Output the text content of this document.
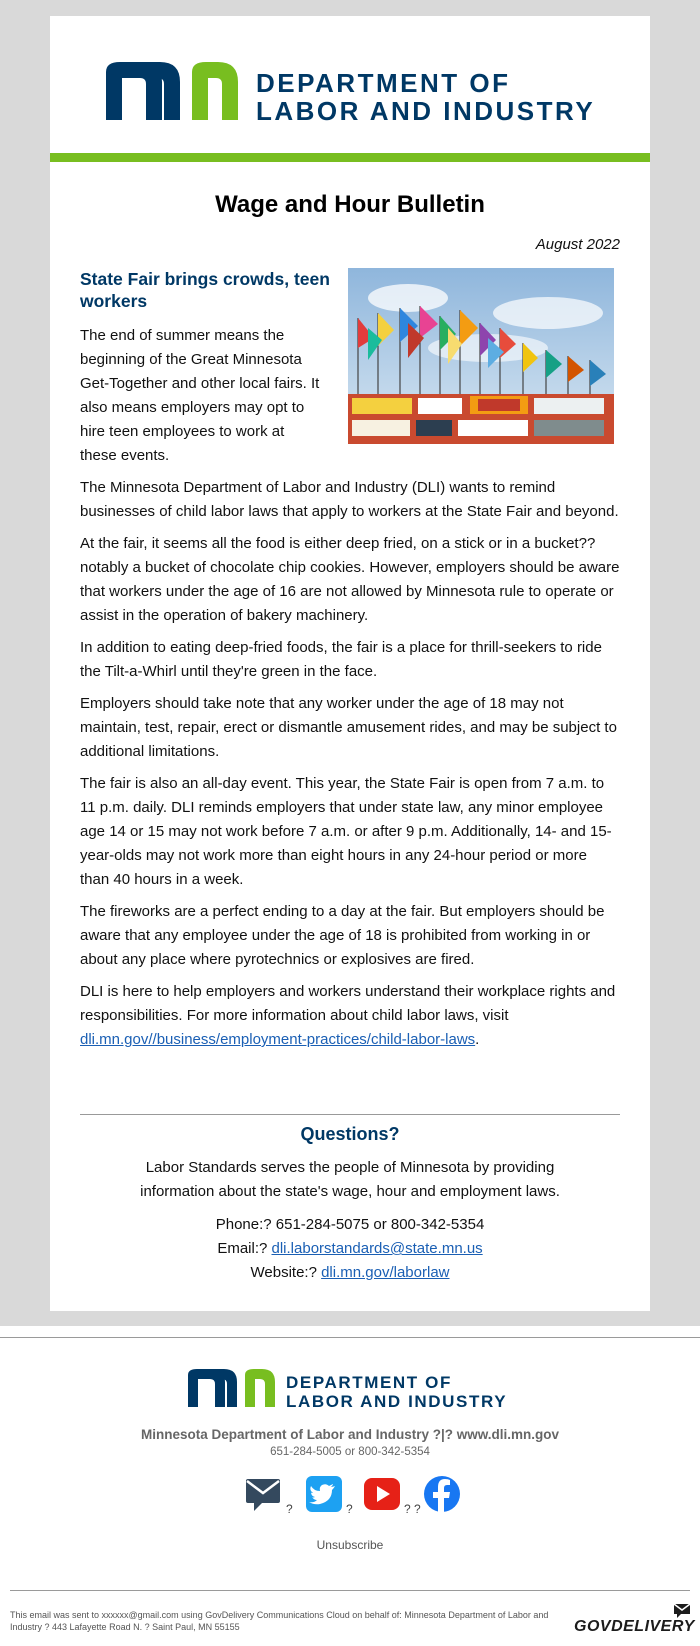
DEPARTMENT OF
LABOR AND INDUSTRY
Wage and Hour Bulletin
August 2022
State Fair brings crowds, teen workers

The end of summer means the beginning of the Great Minnesota Get-Together and other local fairs. It also means employers may opt to hire teen employees to work at these events.

The Minnesota Department of Labor and Industry (DLI) wants to remind businesses of child labor laws that apply to workers at the State Fair and beyond.

At the fair, it seems all the food is either deep fried, on a stick or in a bucket?? notably a bucket of chocolate chip cookies. However, employers should be aware that workers under the age of 16 are not allowed by Minnesota rule to operate or assist in the operation of bakery machinery.

In addition to eating deep-fried foods, the fair is a place for thrill-seekers to ride the Tilt-a-Whirl until they're green in the face.

Employers should take note that any worker under the age of 18 may not maintain, test, repair, erect or dismantle amusement rides, and may be subject to additional limitations.

The fair is also an all-day event. This year, the State Fair is open from 7 a.m. to 11 p.m. daily. DLI reminds employers that under state law, any minor employee age 14 or 15 may not work before 7 a.m. or after 9 p.m. Additionally, 14- and 15-year-olds may not work more than eight hours in any 24-hour period or more than 40 hours in a week.

The fireworks are a perfect ending to a day at the fair. But employers should be aware that any employee under the age of 18 is prohibited from working in or about any place where pyrotechnics or explosives are fired.

DLI is here to help employers and workers understand their workplace rights and responsibilities. For more information about child labor laws, visit dli.mn.gov//business/employment-practices/child-labor-laws.

Questions?
Labor Standards serves the people of Minnesota by providing information about the state's wage, hour and employment laws.
Phone:? 651-284-5075 or 800-342-5354
Email:? dli.laborstandards@state.mn.us
Website:? dli.mn.gov/laborlaw
DEPARTMENT OF
LABOR AND INDUSTRY
Minnesota Department of Labor and Industry ?|? www.dli.mn.gov
651-284-5005 or 800-342-5354
?	?	? ?
Unsubscribe
This email was sent to xxxxxx@gmail.com using GovDelivery Communications Cloud on behalf of: Minnesota Department of Labor and Industry ? 443 Lafayette Road N. ? Saint Paul, MN 55155	GOVDELIVERY
